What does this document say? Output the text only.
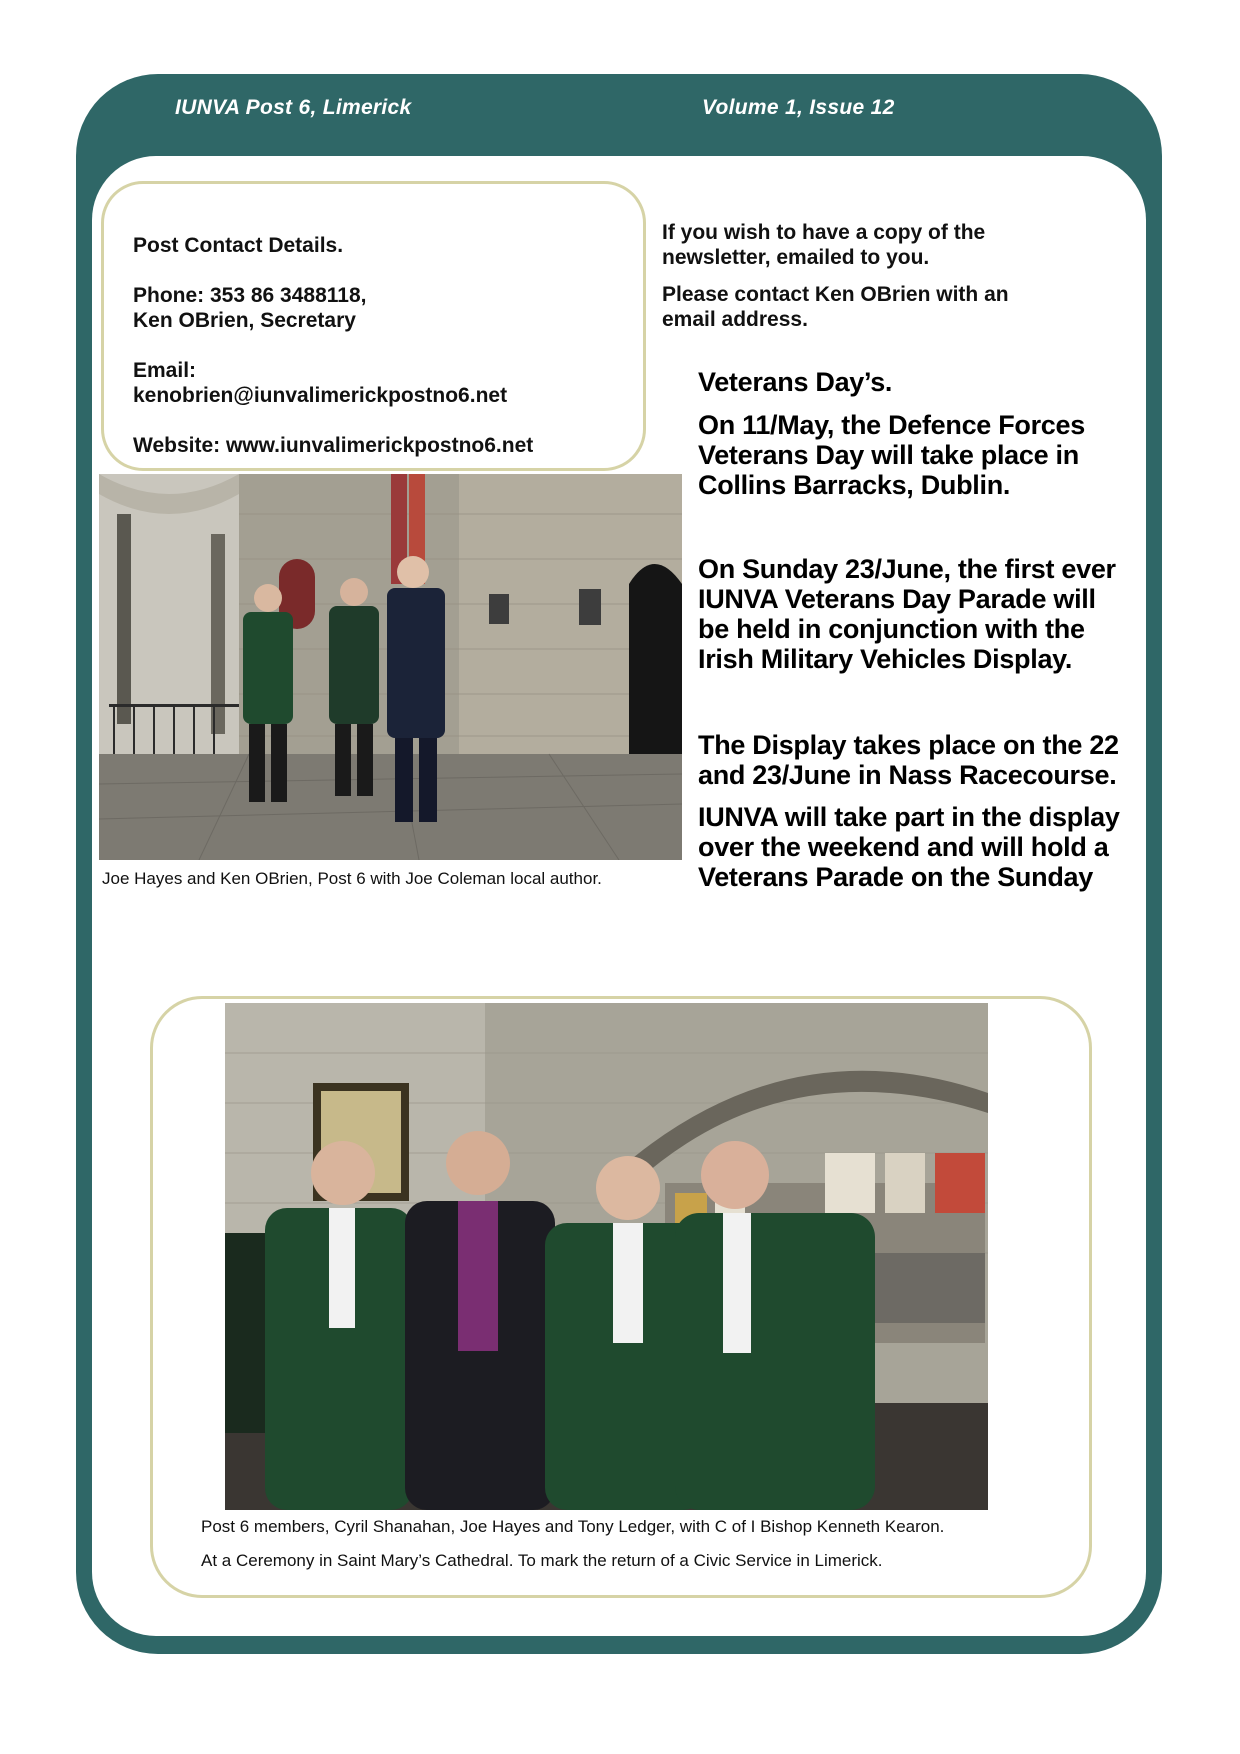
IUNVA Post 6, Limerick	Volume 1, Issue 12
Post Contact Details.
Phone: 353 86 3488118,
Ken OBrien, Secretary
Email:
kenobrien@iunvalimerickpostno6.net
Website: www.iunvalimerickpostno6.net
If you wish to have a copy of the
newsletter, emailed to you.
Please contact Ken OBrien with an
email address.
Joe Hayes and Ken OBrien, Post 6 with Joe Coleman local author.
Veterans Day’s.
On 11/May, the Defence Forces
Veterans Day will take place in
Collins Barracks, Dublin.
On Sunday 23/June, the first ever
IUNVA Veterans Day Parade will
be held in conjunction with the
Irish Military Vehicles Display.
The Display takes place on the 22
and 23/June in Nass Racecourse.
IUNVA will take part in the display
over the weekend and will hold a
Veterans Parade on the Sunday
Post 6 members, Cyril Shanahan, Joe Hayes and Tony Ledger, with C of I Bishop Kenneth Kearon.
At a Ceremony in Saint Mary’s Cathedral. To mark the return of a Civic Service in Limerick.
